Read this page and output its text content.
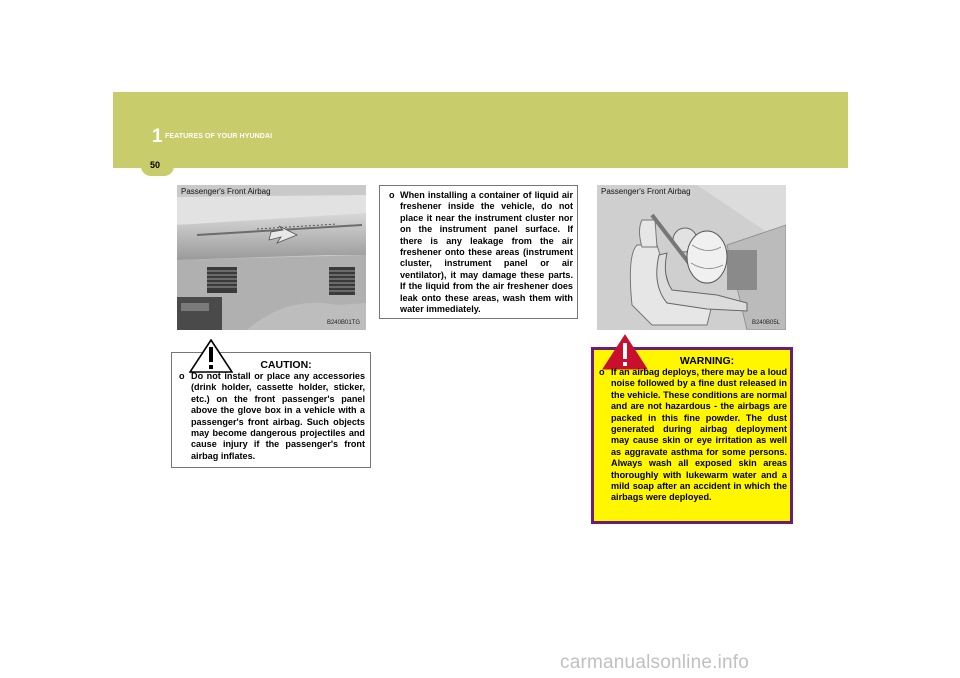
1 FEATURES OF YOUR HYUNDAI
50
Passenger's Front Airbag
B240B01TG
CAUTION:
o Do not install or place any accessories (drink holder, cassette holder, sticker, etc.) on the front passenger's panel above the glove box in a vehicle with a passenger's front airbag. Such objects may become dangerous projectiles and cause injury if the passenger's front airbag inflates.
o When installing a container of liquid air freshener inside the vehicle, do not place it near the instrument cluster nor on the instrument panel surface. If there is any leakage from the air freshener onto these areas (instrument cluster, instrument panel or air ventilator), it may damage these parts. If the liquid from the air freshener does leak onto these areas, wash them with water immediately.
Passenger's Front Airbag
B240B05L
WARNING:
o If an airbag deploys, there may be a loud noise followed by a fine dust released in the vehicle. These conditions are normal and are not hazardous - the airbags are packed in this fine powder. The dust generated during airbag deployment may cause skin or eye irritation as well as aggravate asthma for some persons. Always wash all exposed skin areas thoroughly with lukewarm water and a mild soap after an accident in which the airbags were deployed.
carmanualsonline.info
